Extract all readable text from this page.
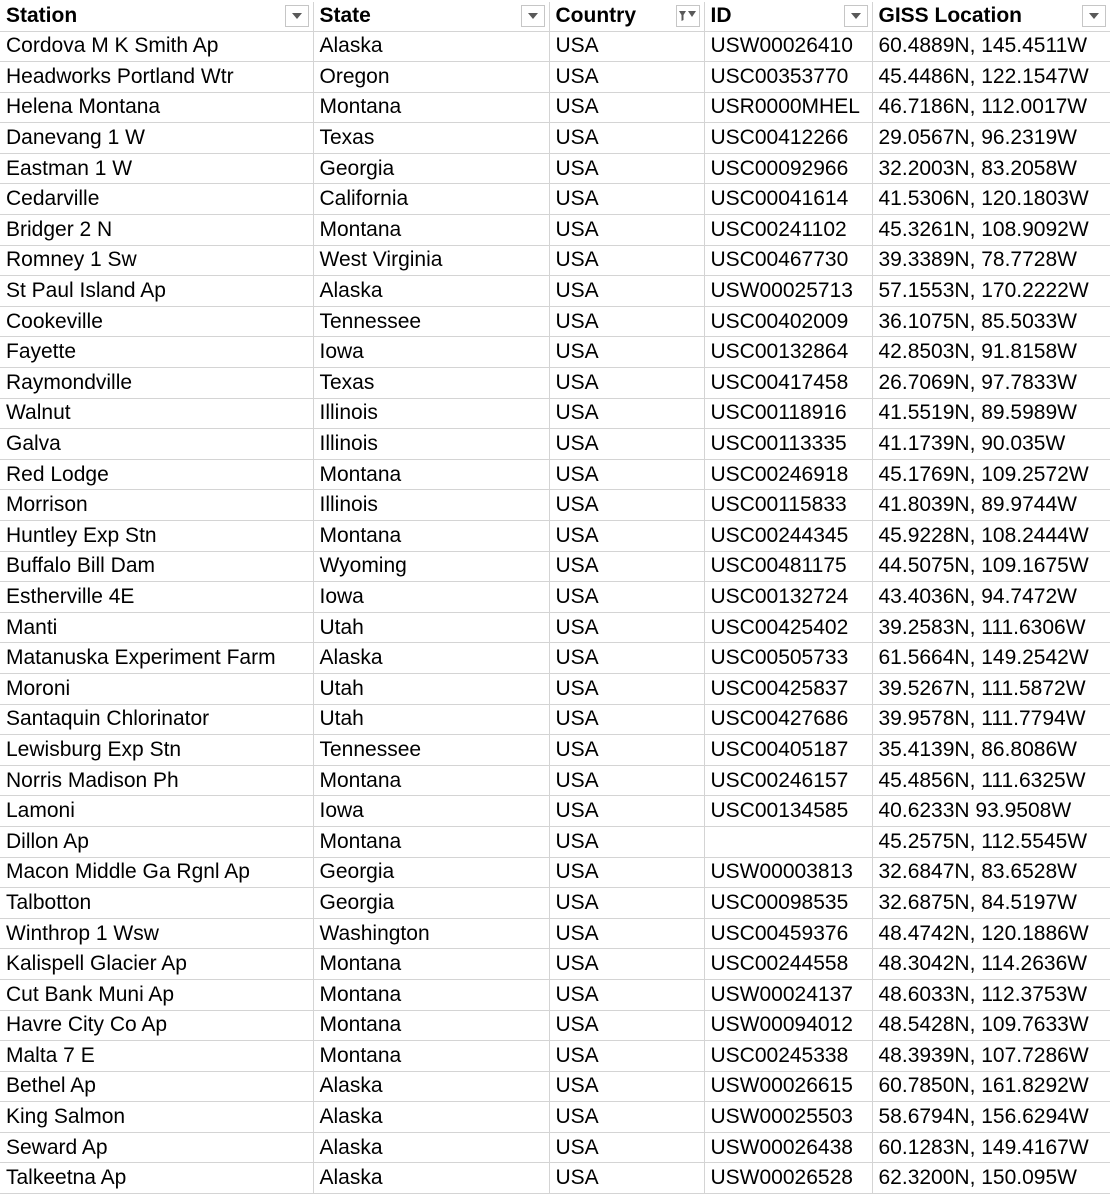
Station	State	Country	ID	GISS Location

Cordova M K Smith Ap	Alaska	USA	USW00026410	60.4889N, 145.4511W
Headworks Portland Wtr	Oregon	USA	USC00353770	45.4486N, 122.1547W
Helena Montana	Montana	USA	USR0000MHEL	46.7186N, 112.0017W
Danevang 1 W	Texas	USA	USC00412266	29.0567N, 96.2319W
Eastman 1 W	Georgia	USA	USC00092966	32.2003N, 83.2058W
Cedarville	California	USA	USC00041614	41.5306N, 120.1803W
Bridger 2 N	Montana	USA	USC00241102	45.3261N, 108.9092W
Romney 1 Sw	West Virginia	USA	USC00467730	39.3389N, 78.7728W
St Paul Island Ap	Alaska	USA	USW00025713	57.1553N, 170.2222W
Cookeville	Tennessee	USA	USC00402009	36.1075N, 85.5033W
Fayette	Iowa	USA	USC00132864	42.8503N, 91.8158W
Raymondville	Texas	USA	USC00417458	26.7069N, 97.7833W
Walnut	Illinois	USA	USC00118916	41.5519N, 89.5989W
Galva	Illinois	USA	USC00113335	41.1739N, 90.035W
Red Lodge	Montana	USA	USC00246918	45.1769N, 109.2572W
Morrison	Illinois	USA	USC00115833	41.8039N, 89.9744W
Huntley Exp Stn	Montana	USA	USC00244345	45.9228N, 108.2444W
Buffalo Bill Dam	Wyoming	USA	USC00481175	44.5075N, 109.1675W
Estherville 4E	Iowa	USA	USC00132724	43.4036N, 94.7472W
Manti	Utah	USA	USC00425402	39.2583N, 111.6306W
Matanuska Experiment Farm	Alaska	USA	USC00505733	61.5664N, 149.2542W
Moroni	Utah	USA	USC00425837	39.5267N, 111.5872W
Santaquin Chlorinator	Utah	USA	USC00427686	39.9578N, 111.7794W
Lewisburg Exp Stn	Tennessee	USA	USC00405187	35.4139N, 86.8086W
Norris Madison Ph	Montana	USA	USC00246157	45.4856N, 111.6325W
Lamoni	Iowa	USA	USC00134585	40.6233N 93.9508W
Dillon Ap	Montana	USA		45.2575N, 112.5545W
Macon Middle Ga Rgnl Ap	Georgia	USA	USW00003813	32.6847N, 83.6528W
Talbotton	Georgia	USA	USC00098535	32.6875N, 84.5197W
Winthrop 1 Wsw	Washington	USA	USC00459376	48.4742N, 120.1886W
Kalispell Glacier Ap	Montana	USA	USC00244558	48.3042N, 114.2636W
Cut Bank Muni Ap	Montana	USA	USW00024137	48.6033N, 112.3753W
Havre City Co Ap	Montana	USA	USW00094012	48.5428N, 109.7633W
Malta 7 E	Montana	USA	USC00245338	48.3939N, 107.7286W
Bethel Ap	Alaska	USA	USW00026615	60.7850N, 161.8292W
King Salmon	Alaska	USA	USW00025503	58.6794N, 156.6294W
Seward Ap	Alaska	USA	USW00026438	60.1283N, 149.4167W
Talkeetna Ap	Alaska	USA	USW00026528	62.3200N, 150.095W
